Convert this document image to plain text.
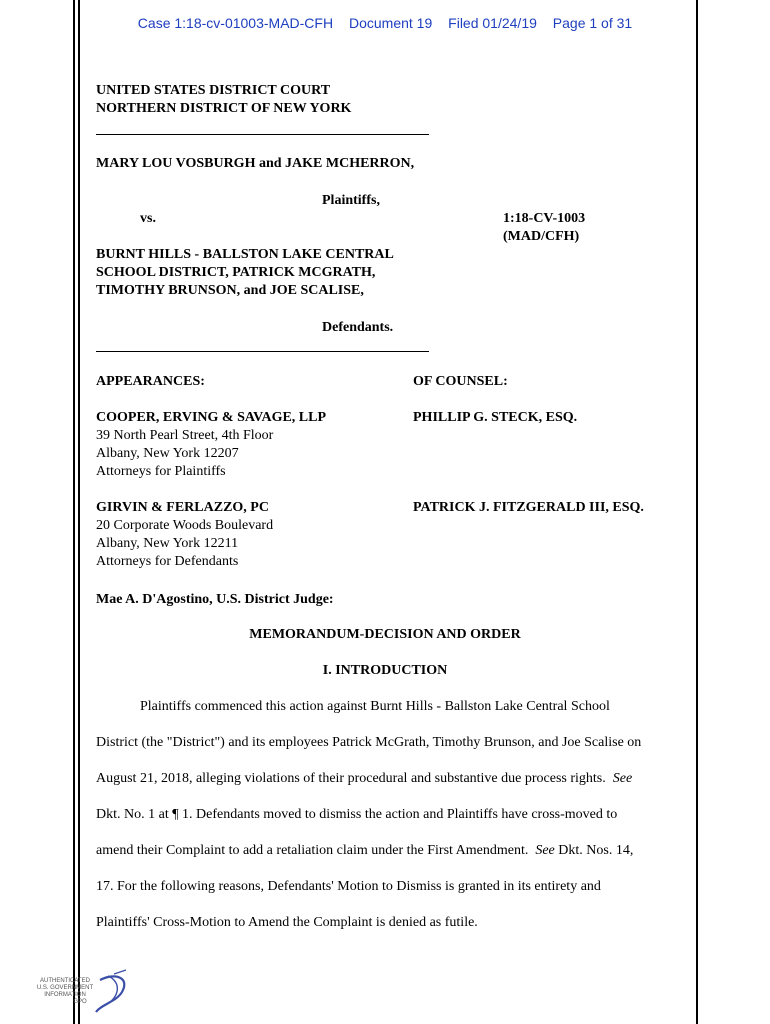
Case 1:18-cv-01003-MAD-CFH Document 19 Filed 01/24/19 Page 1 of 31
UNITED STATES DISTRICT COURT
NORTHERN DISTRICT OF NEW YORK
MARY LOU VOSBURGH and JAKE MCHERRON,
Plaintiffs,
vs.	1:18-CV-1003
(MAD/CFH)
BURNT HILLS - BALLSTON LAKE CENTRAL
SCHOOL DISTRICT, PATRICK MCGRATH,
TIMOTHY BRUNSON, and JOE SCALISE,
Defendants.
APPEARANCES:	OF COUNSEL:
COOPER, ERVING & SAVAGE, LLP
39 North Pearl Street, 4th Floor
Albany, New York 12207
Attorneys for Plaintiffs
PHILLIP G. STECK, ESQ.
GIRVIN & FERLAZZO, PC
20 Corporate Woods Boulevard
Albany, New York 12211
Attorneys for Defendants
PATRICK J. FITZGERALD III, ESQ.
Mae A. D'Agostino, U.S. District Judge:
MEMORANDUM-DECISION AND ORDER
I. INTRODUCTION
Plaintiffs commenced this action against Burnt Hills - Ballston Lake Central School
District (the "District") and its employees Patrick McGrath, Timothy Brunson, and Joe Scalise on
August 21, 2018, alleging violations of their procedural and substantive due process rights.  See
Dkt. No. 1 at ¶ 1. Defendants moved to dismiss the action and Plaintiffs have cross-moved to
amend their Complaint to add a retaliation claim under the First Amendment.  See Dkt. Nos. 14,
17. For the following reasons, Defendants' Motion to Dismiss is granted in its entirety and
Plaintiffs' Cross-Motion to Amend the Complaint is denied as futile.
AUTHENTICATED
U.S. GOVERNMENT
INFORMATION
GPO
